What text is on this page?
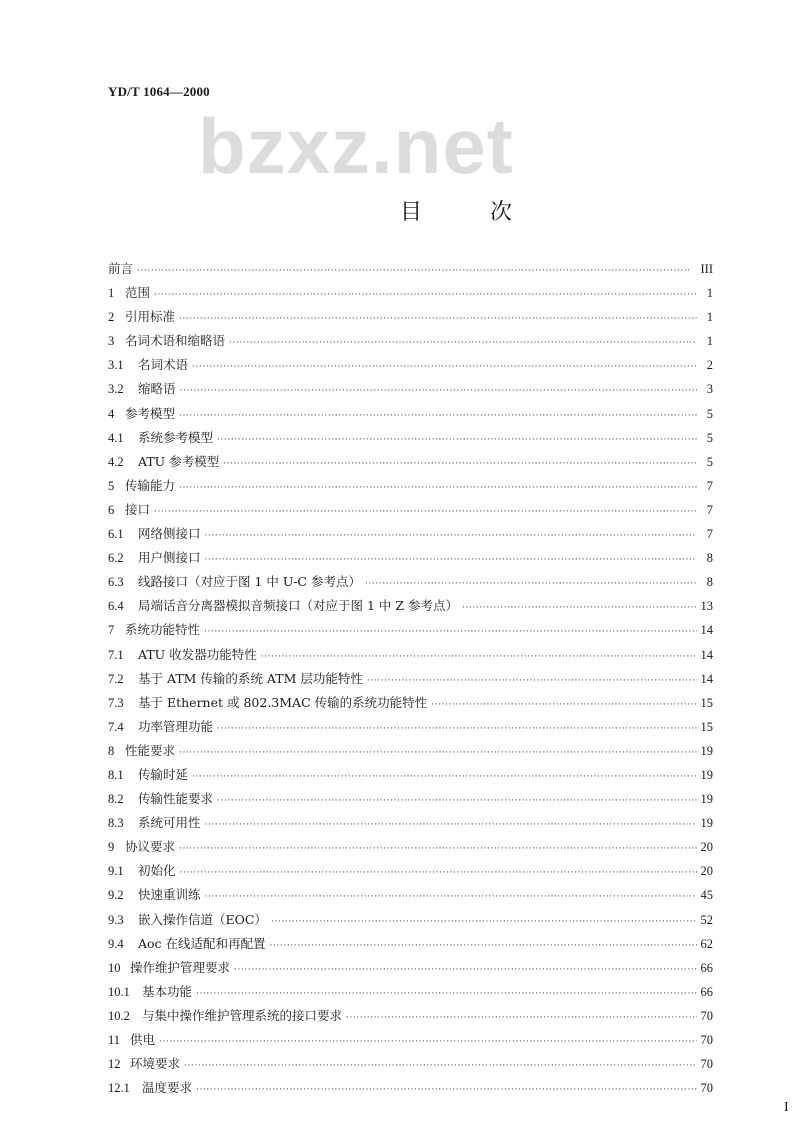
YD/T 1064—2000
bzxz.net
目次
前言 ·····	III
1 范围 ·····	1
2 引用标准 ·····	1
3 名词术语和缩略语 ·····	1
3.1	名词术语 ·····	2
3.2	缩略语 ·····	3
4 参考模型 ·····	5
4.1	系统参考模型 ·····	5
4.2	ATU 参考模型 ·····	5
5 传输能力 ·····	7
6 接口 ·····	7
6.1	网络侧接口 ·····	7
6.2	用户侧接口 ·····	8
6.3	线路接口（对应于图 1 中 U-C 参考点） ·····	8
6.4	局端话音分离器模拟音频接口（对应于图 1 中 Z 参考点） ·····	13
7 系统功能特性 ·····	14
7.1	ATU 收发器功能特性 ·····	14
7.2	基于 ATM 传输的系统 ATM 层功能特性 ·····	14
7.3	基于 Ethernet 或 802.3MAC 传输的系统功能特性 ·····	15
7.4	功率管理功能 ·····	15
8 性能要求 ·····	19
8.1	传输时延 ·····	19
8.2	传输性能要求 ·····	19
8.3	系统可用性 ·····	19
9 协议要求 ·····	20
9.1	初始化 ·····	20
9.2	快速重训练 ·····	45
9.3	嵌入操作信道（EOC） ·····	52
9.4	Aoc 在线适配和再配置 ·····	62
10 操作维护管理要求 ·····	66
10.1 基本功能 ·····	66
10.2 与集中操作维护管理系统的接口要求 ·····	70
11 供电 ·····	70
12 环境要求 ·····	70
12.1 温度要求 ·····	70
I
